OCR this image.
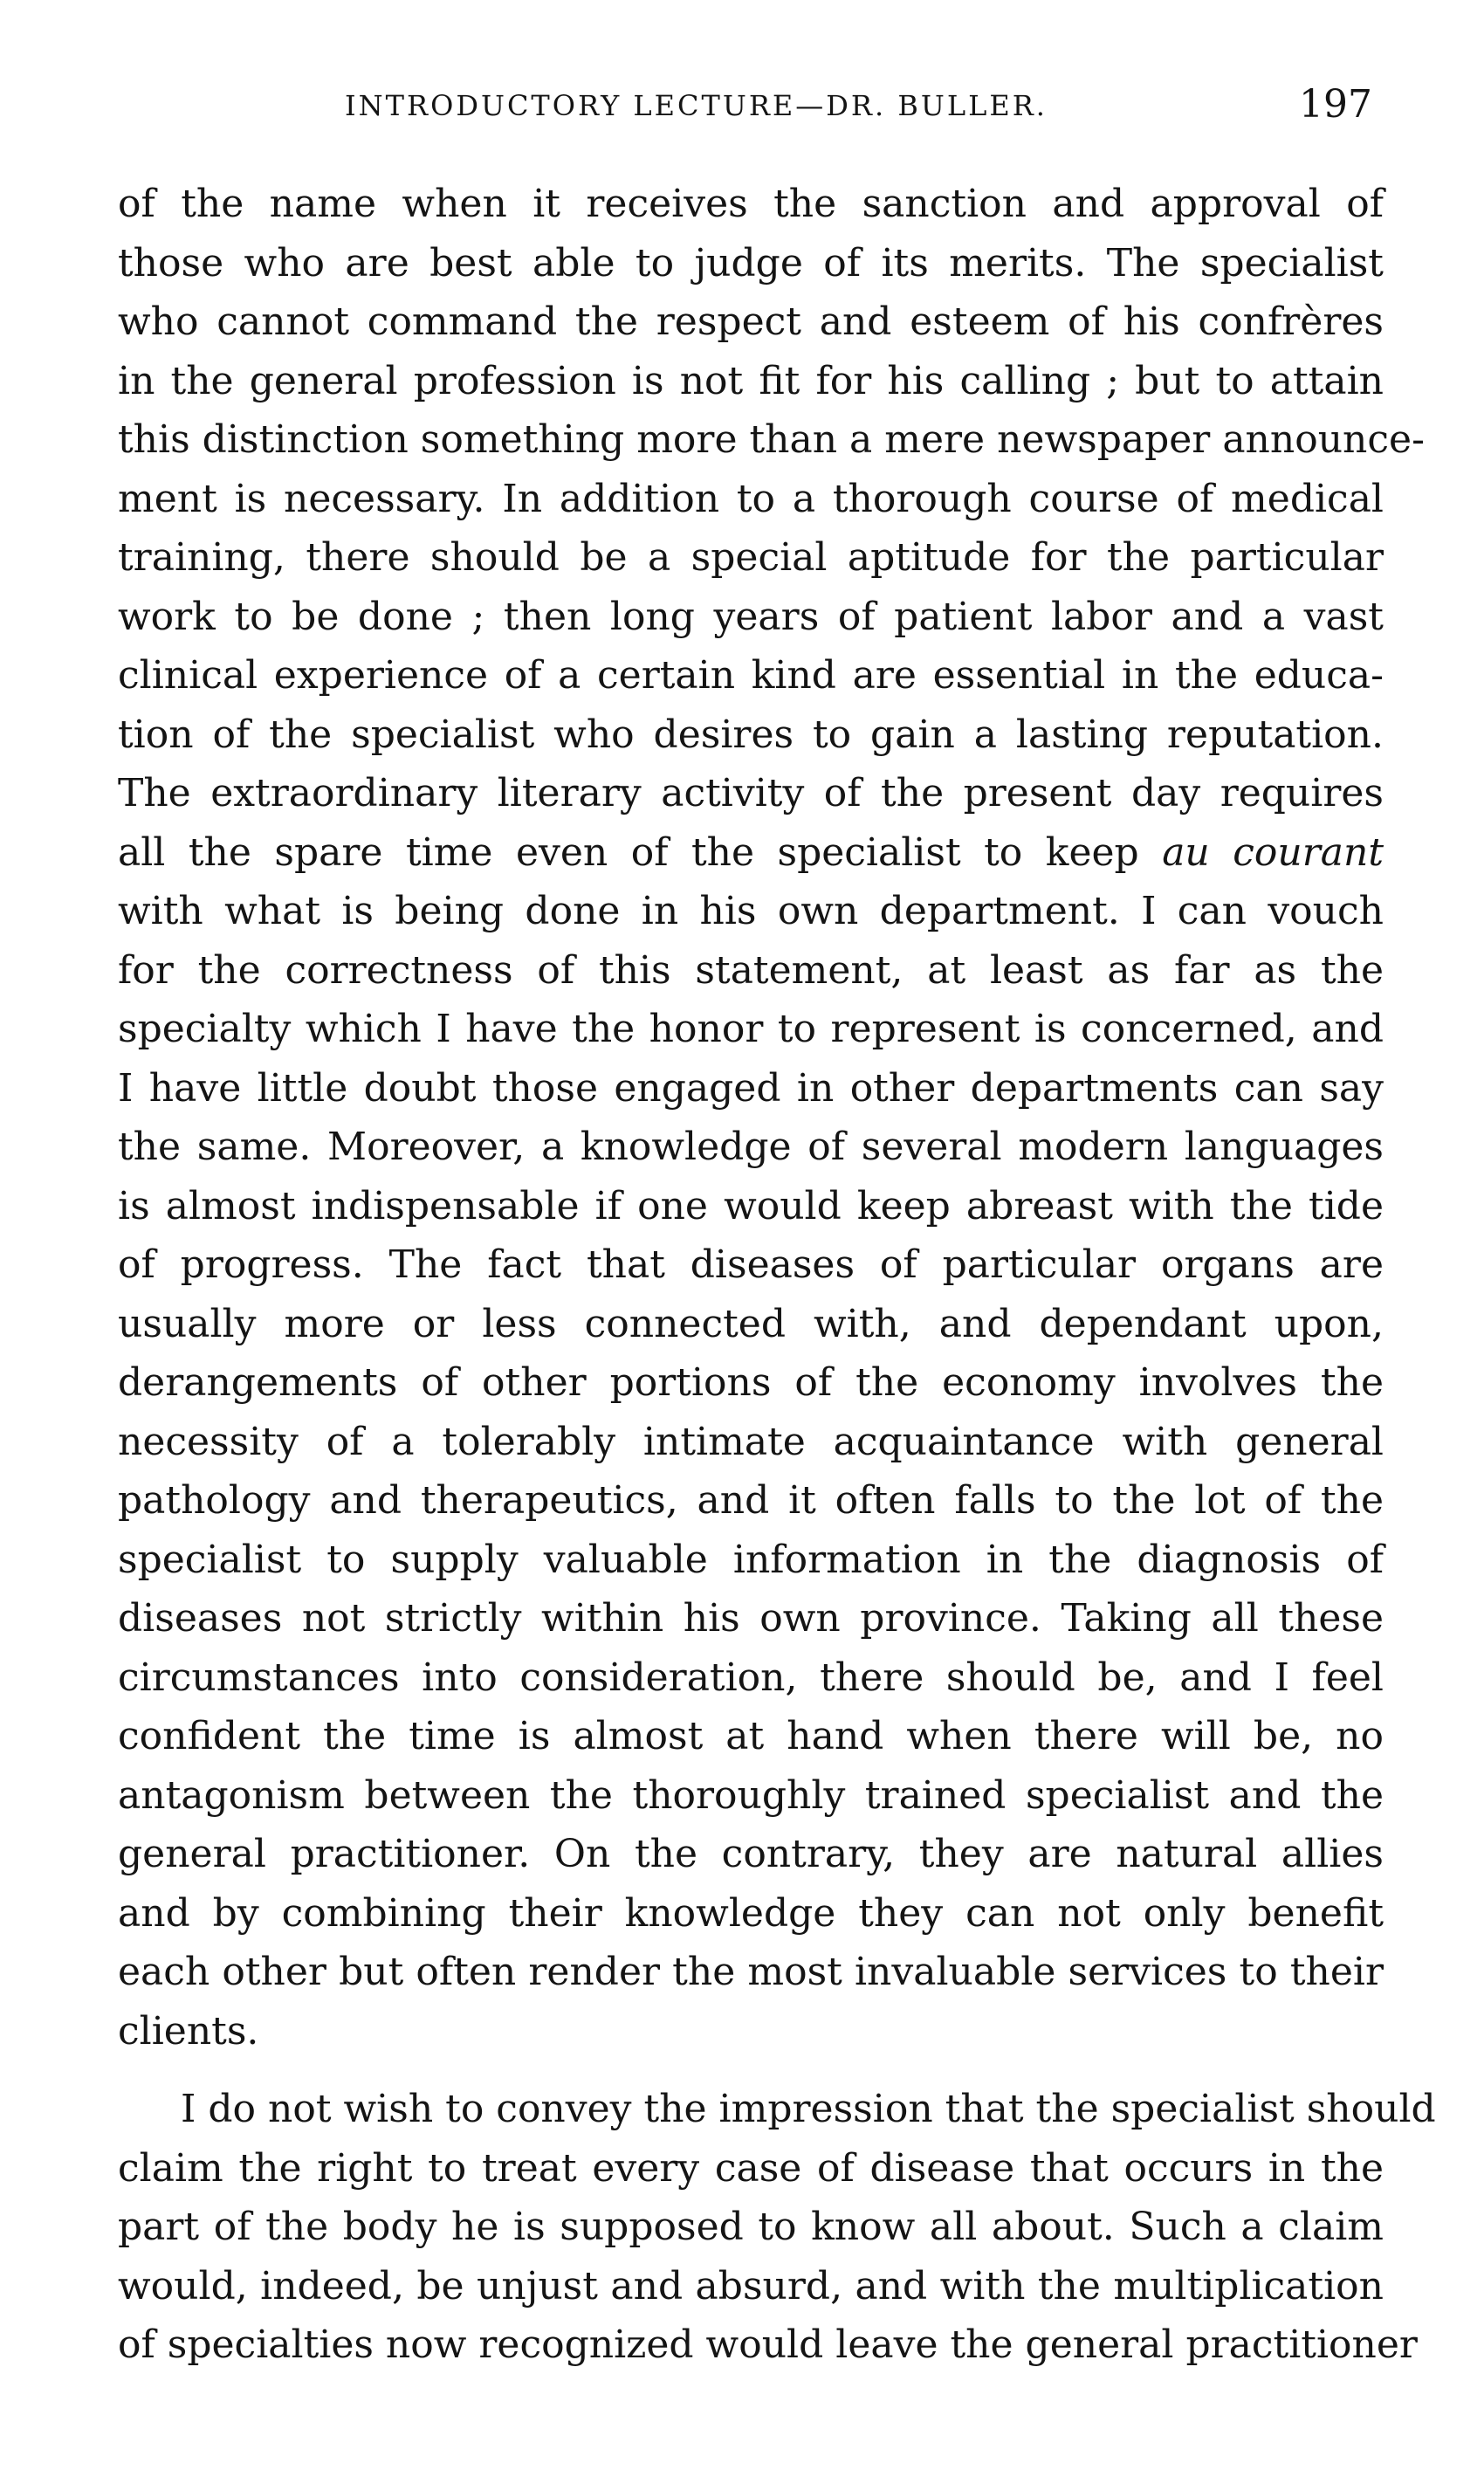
INTRODUCTORY LECTURE—DR. BULLER.	197
of the name when it receives the sanction and approval of
those who are best able to judge of its merits. The specialist
who cannot command the respect and esteem of his confrères
in the general profession is not fit for his calling ; but to attain
this distinction something more than a mere newspaper announce-
ment is necessary. In addition to a thorough course of medical
training, there should be a special aptitude for the particular
work to be done ; then long years of patient labor and a vast
clinical experience of a certain kind are essential in the educa-
tion of the specialist who desires to gain a lasting reputation.
The extraordinary literary activity of the present day requires
all the spare time even of the specialist to keep au courant
with what is being done in his own department. I can vouch
for the correctness of this statement, at least as far as the
specialty which I have the honor to represent is concerned, and
I have little doubt those engaged in other departments can say
the same. Moreover, a knowledge of several modern languages
is almost indispensable if one would keep abreast with the tide
of progress. The fact that diseases of particular organs are
usually more or less connected with, and dependant upon,
derangements of other portions of the economy involves the
necessity of a tolerably intimate acquaintance with general
pathology and therapeutics, and it often falls to the lot of the
specialist to supply valuable information in the diagnosis of
diseases not strictly within his own province. Taking all these
circumstances into consideration, there should be, and I feel
confident the time is almost at hand when there will be, no
antagonism between the thoroughly trained specialist and the
general practitioner. On the contrary, they are natural allies
and by combining their knowledge they can not only benefit
each other but often render the most invaluable services to their
clients.
I do not wish to convey the impression that the specialist should
claim the right to treat every case of disease that occurs in the
part of the body he is supposed to know all about. Such a claim
would, indeed, be unjust and absurd, and with the multiplication
of specialties now recognized would leave the general practitioner
